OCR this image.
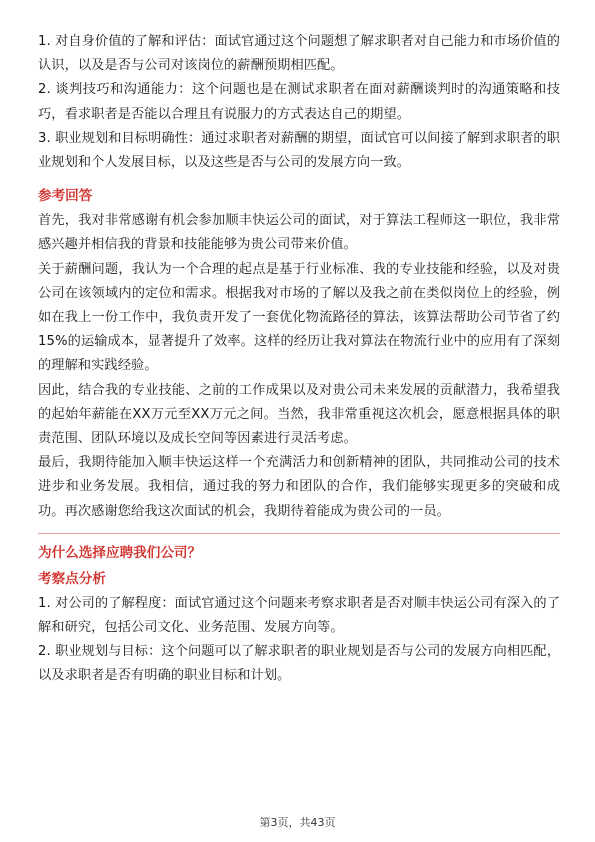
1. 对自身价值的了解和评估：面试官通过这个问题想了解求职者对自己能力和市场价值的认识，以及是否与公司对该岗位的薪酬预期相匹配。

2. 谈判技巧和沟通能力：这个问题也是在测试求职者在面对薪酬谈判时的沟通策略和技巧，看求职者是否能以合理且有说服力的方式表达自己的期望。

3. 职业规划和目标明确性：通过求职者对薪酬的期望，面试官可以间接了解到求职者的职业规划和个人发展目标，以及这些是否与公司的发展方向一致。

参考回答

首先，我对非常感谢有机会参加顺丰快运公司的面试，对于算法工程师这一职位，我非常感兴趣并相信我的背景和技能能够为贵公司带来价值。

关于薪酬问题，我认为一个合理的起点是基于行业标准、我的专业技能和经验，以及对贵公司在该领域内的定位和需求。根据我对市场的了解以及我之前在类似岗位上的经验，例如在我上一份工作中，我负责开发了一套优化物流路径的算法，该算法帮助公司节省了约15%的运输成本，显著提升了效率。这样的经历让我对算法在物流行业中的应用有了深刻的理解和实践经验。

因此，结合我的专业技能、之前的工作成果以及对贵公司未来发展的贡献潜力，我希望我的起始年薪能在XX万元至XX万元之间。当然，我非常重视这次机会，愿意根据具体的职责范围、团队环境以及成长空间等因素进行灵活考虑。

最后，我期待能加入顺丰快运这样一个充满活力和创新精神的团队，共同推动公司的技术进步和业务发展。我相信，通过我的努力和团队的合作，我们能够实现更多的突破和成功。再次感谢您给我这次面试的机会，我期待着能成为贵公司的一员。

为什么选择应聘我们公司？
考察点分析

1. 对公司的了解程度：面试官通过这个问题来考察求职者是否对顺丰快运公司有深入的了解和研究，包括公司文化、业务范围、发展方向等。

2. 职业规划与目标：这个问题可以了解求职者的职业规划是否与公司的发展方向相匹配，以及求职者是否有明确的职业目标和计划。

第3页，共43页
